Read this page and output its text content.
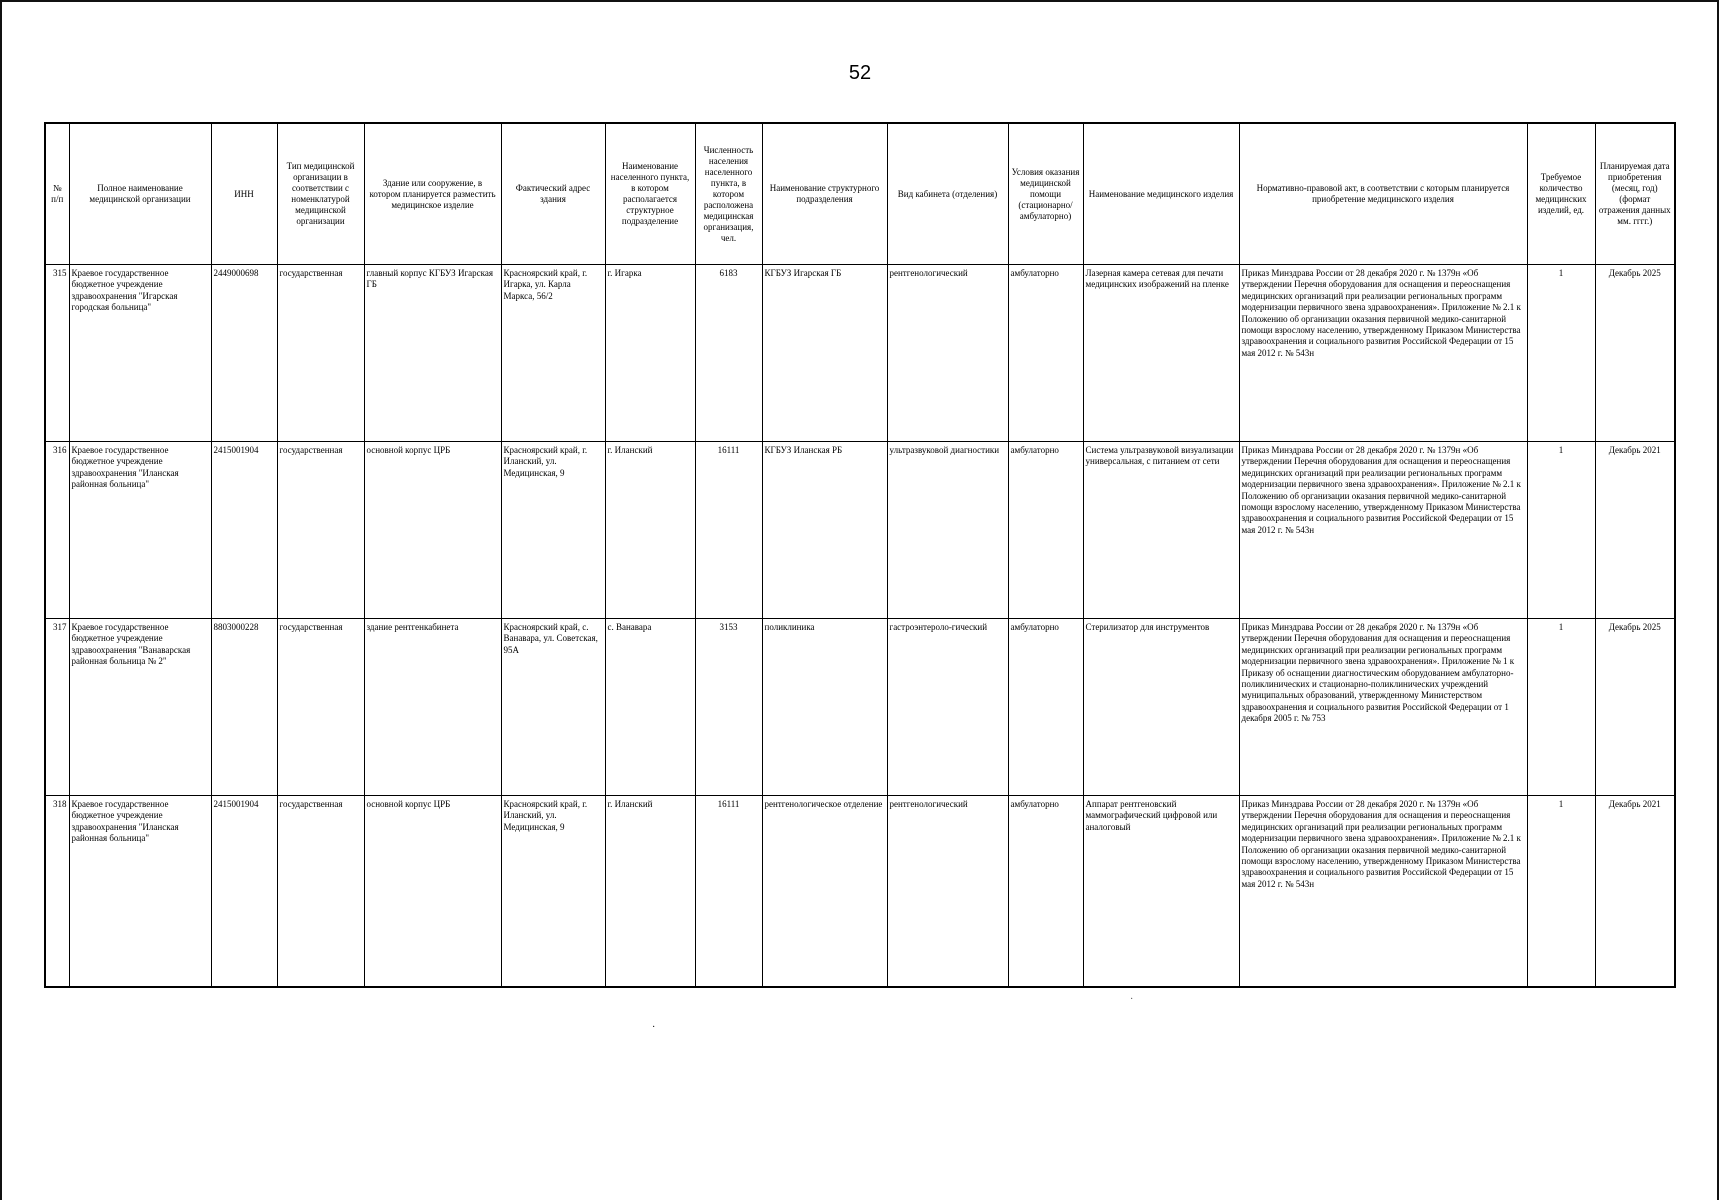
52
№ п/п	Полное наименование медицинской организации	ИНН	Тип медицинской организации в соответствии с номенклатурой медицинской организации	Здание или сооружение, в котором планируется разместить медицинское изделие	Фактический адрес здания	Наименование населенного пункта, в котором располагается структурное подразделение	Численность населения населенного пункта, в котором расположена медицинская организация, чел.	Наименование структурного подразделения	Вид кабинета (отделения)	Условия оказания медицинской помощи (стационарно/ амбулаторно)	Наименование медицинского изделия	Нормативно-правовой акт, в соответствии с которым планируется приобретение медицинского изделия	Требуемое количество медицинских изделий, ед.	Планируемая дата приобретения (месяц, год) (формат отражения данных мм. гггг.)
315	Краевое государственное бюджетное учреждение здравоохранения "Игарская городская больница"	2449000698	государственная	главный корпус КГБУЗ Игарская ГБ	Красноярский край, г. Игарка, ул. Карла Маркса, 56/2	г. Игарка	6183	КГБУЗ Игарская ГБ	рентгенологический	амбулаторно	Лазерная камера сетевая для печати медицинских изображений на пленке	Приказ Минздрава России от 28 декабря 2020 г. № 1379н «Об утверждении Перечня оборудования для оснащения и переоснащения медицинских организаций при реализации региональных программ модернизации первичного звена здравоохранения». Приложение № 2.1 к Положению об организации оказания первичной медико-санитарной помощи взрослому населению, утвержденному Приказом Министерства здравоохранения и социального развития Российской Федерации от 15 мая 2012 г. № 543н	1	Декабрь 2025
316	Краевое государственное бюджетное учреждение здравоохранения "Иланская районная больница"	2415001904	государственная	основной корпус ЦРБ	Красноярский край, г. Иланский, ул. Медицинская, 9	г. Иланский	16111	КГБУЗ Иланская РБ	ультразвуковой диагностики	амбулаторно	Система ультразвуковой визуализации универсальная, с питанием от сети	Приказ Минздрава России от 28 декабря 2020 г. № 1379н «Об утверждении Перечня оборудования для оснащения и переоснащения медицинских организаций при реализации региональных программ модернизации первичного звена здравоохранения». Приложение № 2.1 к Положению об организации оказания первичной медико-санитарной помощи взрослому населению, утвержденному Приказом Министерства здравоохранения и социального развития Российской Федерации от 15 мая 2012 г. № 543н	1	Декабрь 2021
317	Краевое государственное бюджетное учреждение здравоохранения "Ванаварская районная больница № 2"	8803000228	государственная	здание рентгенкабинета	Красноярский край, с. Ванавара, ул. Советская, 95А	с. Ванавара	3153	поликлиника	гастроэнтероло-гический	амбулаторно	Стерилизатор для инструментов	Приказ Минздрава России от 28 декабря 2020 г. № 1379н «Об утверждении Перечня оборудования для оснащения и переоснащения медицинских организаций при реализации региональных программ модернизации первичного звена здравоохранения». Приложение № 1 к Приказу об оснащении диагностическим оборудованием амбулаторно-поликлинических и стационарно-поликлинических учреждений муниципальных образований, утвержденному Министерством здравоохранения и социального развития Российской Федерации от 1 декабря 2005 г. № 753	1	Декабрь 2025
318	Краевое государственное бюджетное учреждение здравоохранения "Иланская районная больница"	2415001904	государственная	основной корпус ЦРБ	Красноярский край, г. Иланский, ул. Медицинская, 9	г. Иланский	16111	рентгенологическое отделение	рентгенологический	амбулаторно	Аппарат рентгеновский маммографический цифровой или аналоговый	Приказ Минздрава России от 28 декабря 2020 г. № 1379н «Об утверждении Перечня оборудования для оснащения и переоснащения медицинских организаций при реализации региональных программ модернизации первичного звена здравоохранения». Приложение № 2.1 к Положению об организации оказания первичной медико-санитарной помощи взрослому населению, утвержденному Приказом Министерства здравоохранения и социального развития Российской Федерации от 15 мая 2012 г. № 543н	1	Декабрь 2021
·
·
